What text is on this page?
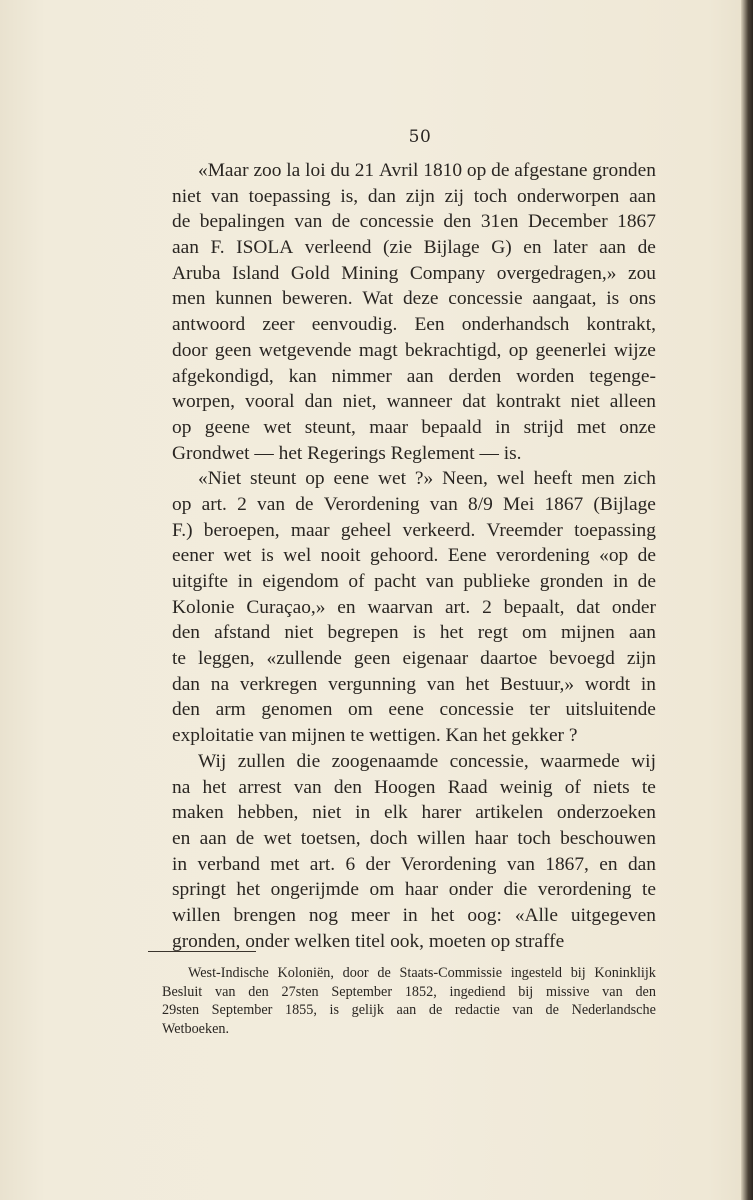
50
«Maar zoo la loi du 21 Avril 1810 op de afgestane gronden
niet van toepassing is, dan zijn zij toch onderworpen aan
de bepalingen van de concessie den 31en December 1867
aan F. ISOLA verleend (zie Bijlage G) en later aan de
Aruba Island Gold Mining Company overgedragen,» zou
men kunnen beweren. Wat deze concessie aangaat, is ons
antwoord zeer eenvoudig. Een onderhandsch kontrakt,
door geen wetgevende magt bekrachtigd, op geenerlei wijze
afgekondigd, kan nimmer aan derden worden tegenge-
worpen, vooral dan niet, wanneer dat kontrakt niet alleen
op geene wet steunt, maar bepaald in strijd met onze
Grondwet — het Regerings Reglement — is.
«Niet steunt op eene wet ?» Neen, wel heeft men zich
op art. 2 van de Verordening van 8/9 Mei 1867 (Bijlage
F.) beroepen, maar geheel verkeerd. Vreemder toepassing
eener wet is wel nooit gehoord. Eene verordening «op de
uitgifte in eigendom of pacht van publieke gronden in de
Kolonie Curaçao,» en waarvan art. 2 bepaalt, dat onder
den afstand niet begrepen is het regt om mijnen aan
te leggen, «zullende geen eigenaar daartoe bevoegd zijn
dan na verkregen vergunning van het Bestuur,» wordt in
den arm genomen om eene concessie ter uitsluitende
exploitatie van mijnen te wettigen. Kan het gekker ?
Wij zullen die zoogenaamde concessie, waarmede wij
na het arrest van den Hoogen Raad weinig of niets te
maken hebben, niet in elk harer artikelen onderzoeken
en aan de wet toetsen, doch willen haar toch beschouwen
in verband met art. 6 der Verordening van 1867, en dan
springt het ongerijmde om haar onder die verordening te
willen brengen nog meer in het oog: «Alle uitgegeven
gronden, onder welken titel ook, moeten op straffe
West-Indische Koloniën, door de Staats-Commissie ingesteld bij Koninklijk
Besluit van den 27sten September 1852, ingediend bij missive van den
29sten September 1855, is gelijk aan de redactie van de Nederlandsche
Wetboeken.
